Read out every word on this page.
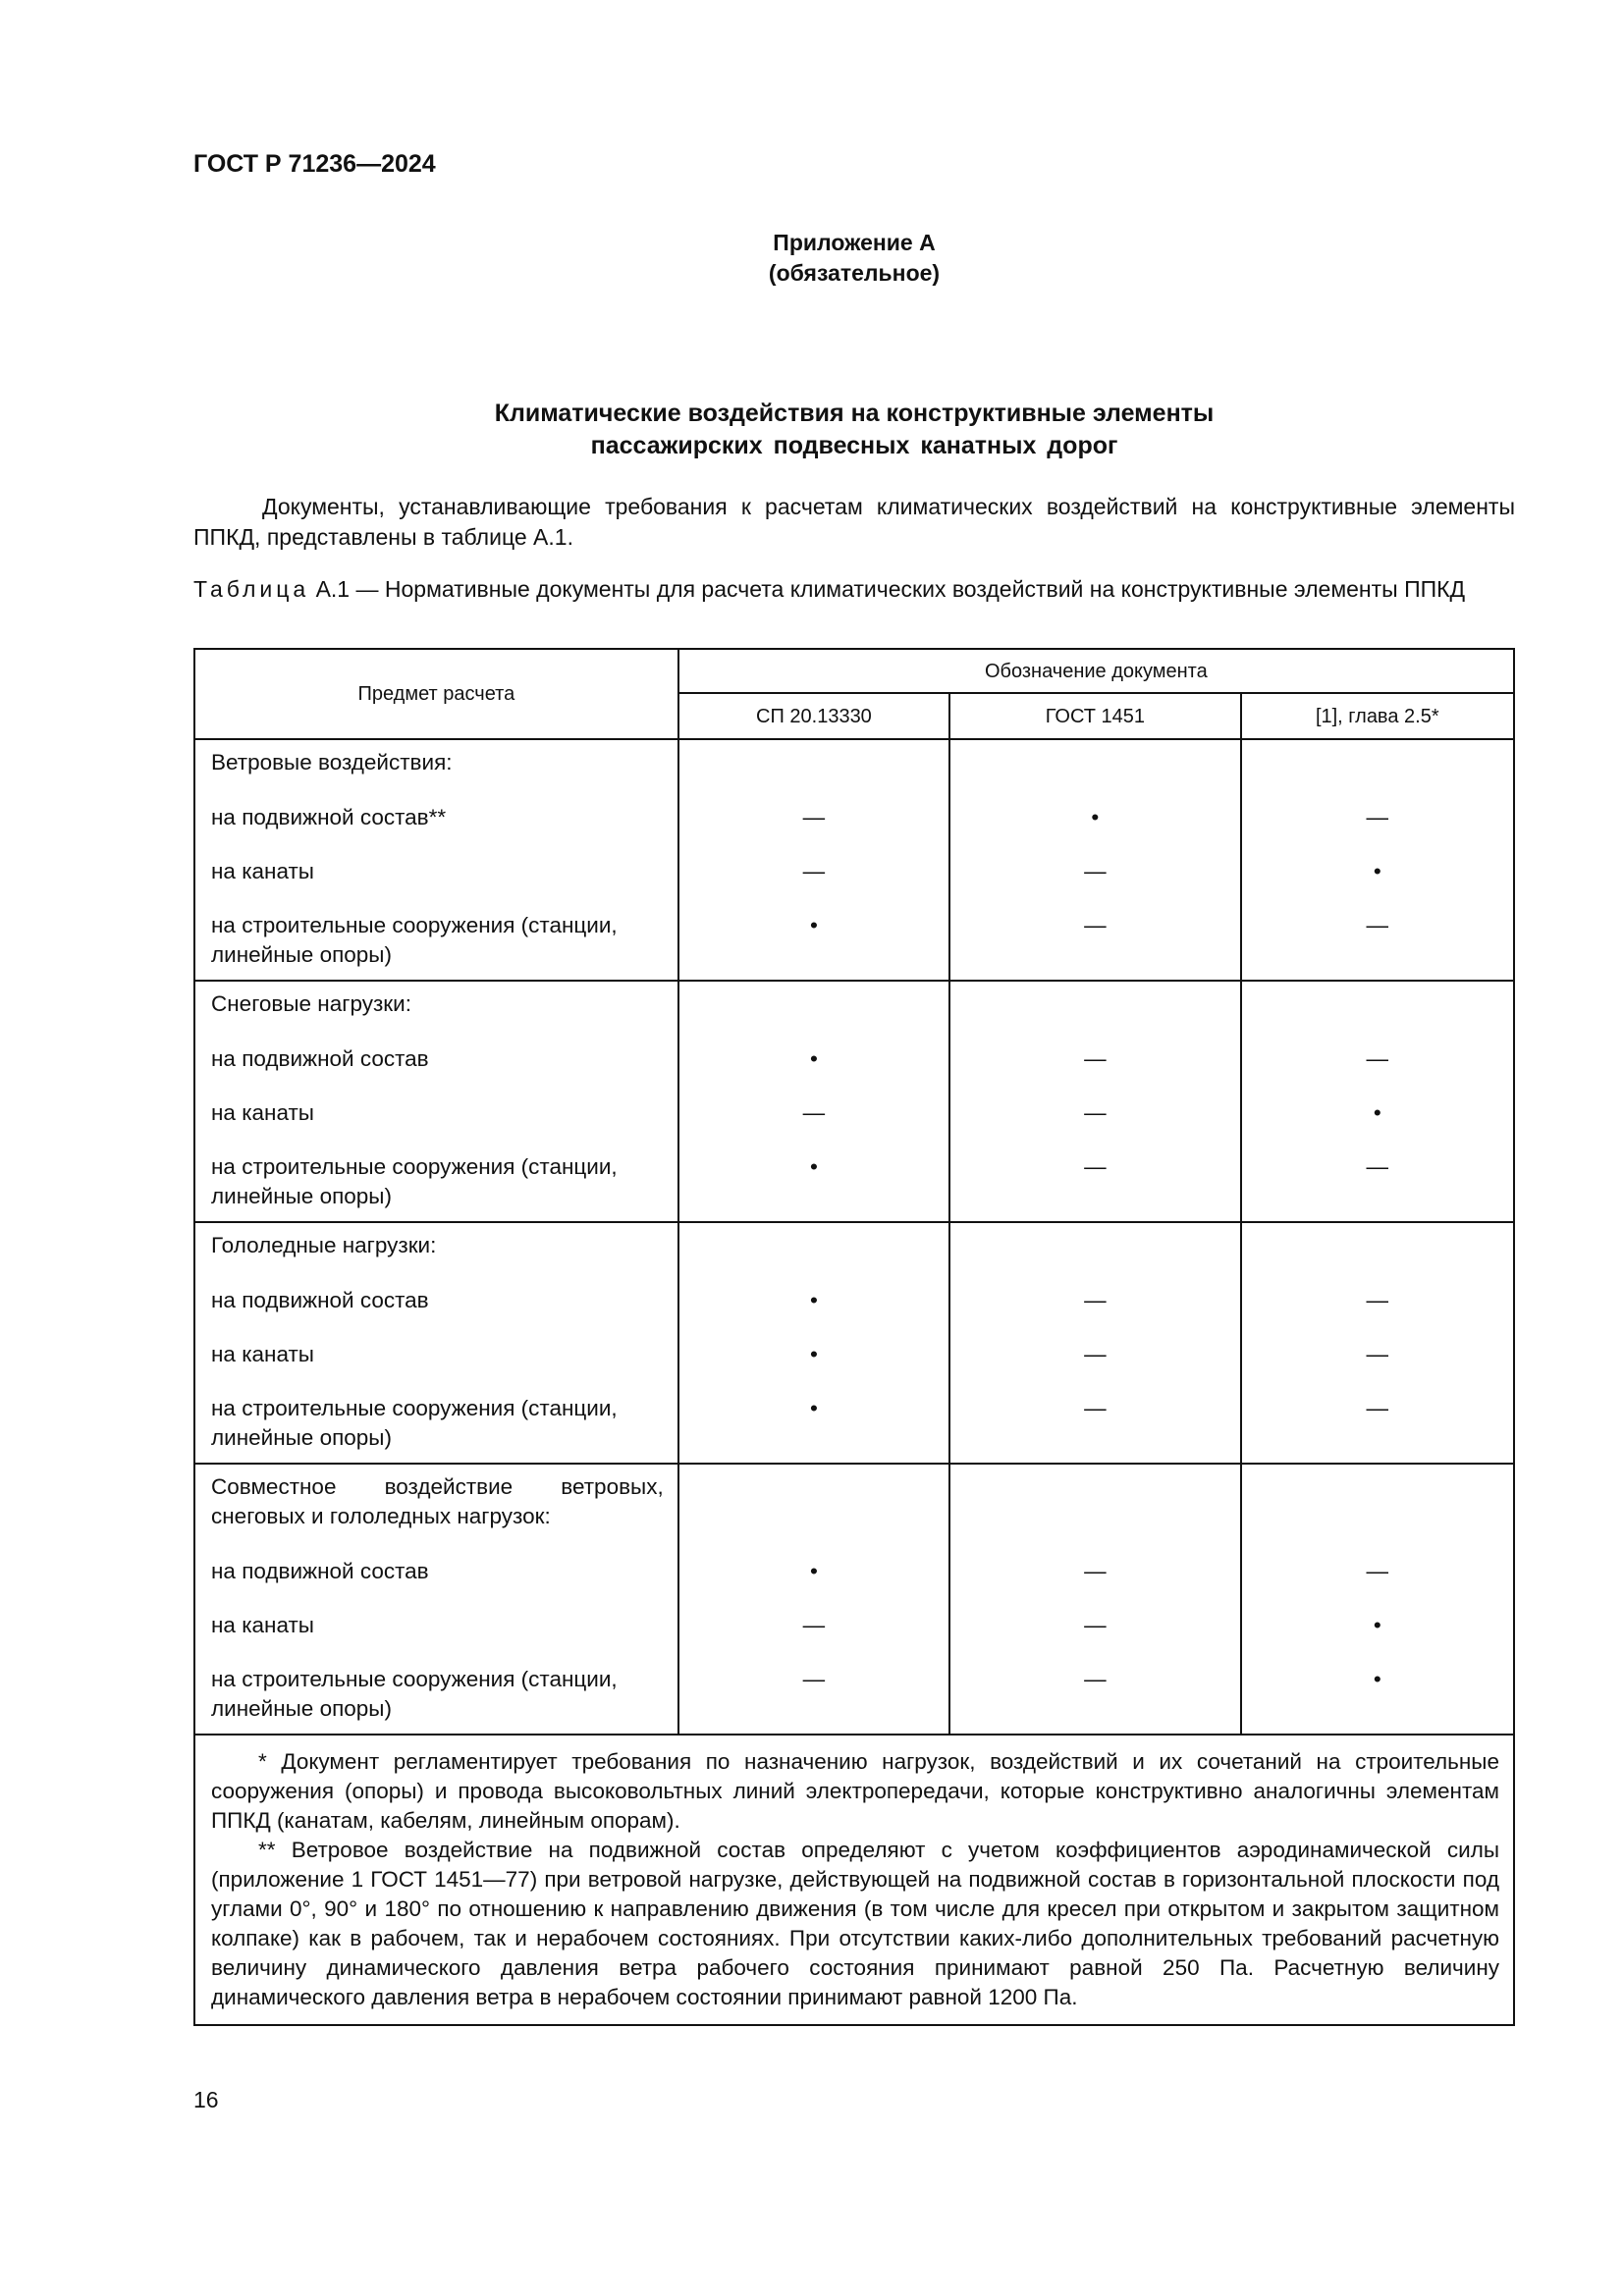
ГОСТ Р 71236—2024
Приложение А
(обязательное)
Климатические воздействия на конструктивные элементы
пассажирских подвесных канатных дорог

Документы, устанавливающие требования к расчетам климатических воздействий на конструктивные элементы ППКД, представлены в таблице А.1.

Таблица А.1 — Нормативные документы для расчета климатических воздействий на конструктивные элементы ППКД
Предмет расчета	Обозначение документа		
	СП 20.13330	ГОСТ 1451	[1], глава 2.5*
Ветровые воздействия:			
на подвижной состав**	—	•	—
на канаты	—	—	•
на строительные сооружения (станции, линейные опоры)	•	—	—
Снеговые нагрузки:			
на подвижной состав	•	—	—
на канаты	—	—	•
на строительные сооружения (станции, линейные опоры)	•	—	—
Гололедные нагрузки:			
на подвижной состав	•	—	—
на канаты	•	—	—
на строительные сооружения (станции, линейные опоры)	•	—	—
Совместное воздействие ветровых, снеговых и гололедных нагрузок:			
на подвижной состав	•	—	—
на канаты	—	—	•
на строительные сооружения (станции, линейные опоры)	—	—	•

* Документ регламентирует требования по назначению нагрузок, воздействий и их сочетаний на строительные сооружения (опоры) и провода высоковольтных линий электропередачи, которые конструктивно аналогичны элементам ППКД (канатам, кабелям, линейным опорам).

** Ветровое воздействие на подвижной состав определяют с учетом коэффициентов аэродинамической силы (приложение 1 ГОСТ 1451—77) при ветровой нагрузке, действующей на подвижной состав в горизонтальной плоскости под углами 0°, 90° и 180° по отношению к направлению движения (в том числе для кресел при открытом и закрытом защитном колпаке) как в рабочем, так и нерабочем состояниях. При отсутствии каких-либо дополнительных требований расчетную величину динамического давления ветра рабочего состояния принимают равной 250 Па. Расчетную величину динамического давления ветра в нерабочем состоянии принимают равной 1200 Па.			

16
